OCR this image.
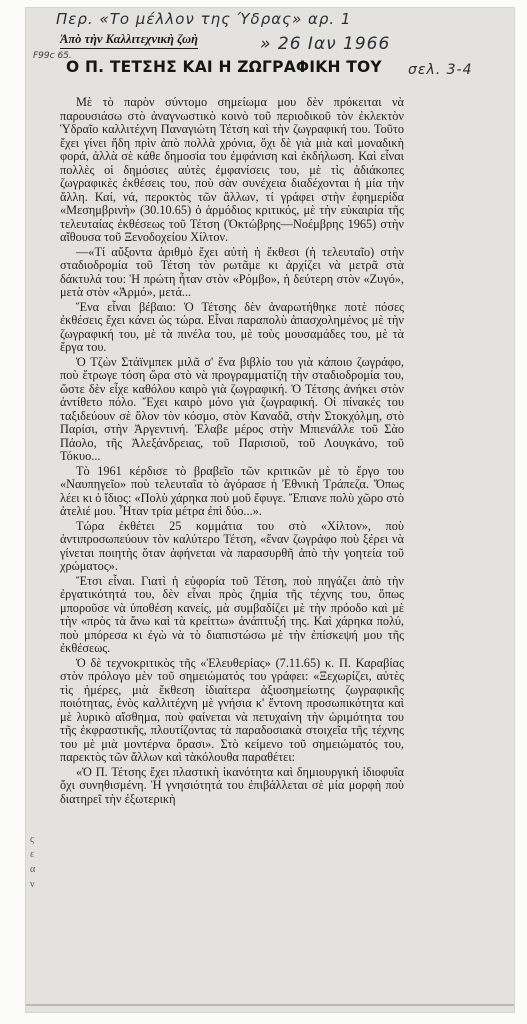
Περ. «Το μέλλον της Ύδρας» αρ. 1
» 26 Ιαν 1966
σελ. 3-4
F99c 65.
Ἀπὸ τὴν Καλλιτεχνικὴ ζωὴ
Ο Π. ΤΕΤΣΗΣ ΚΑΙ Η ΖΩΓΡΑΦΙΚΗ ΤΟΥ

Μὲ τὸ παρὸν σύντομο σημείωμα μου δὲν πρόκειται νὰ παρουσιάσω στὸ ἀναγνωστικὸ κοινὸ τοῦ περιοδικοῦ τὸν ἐκλεκτὸν Ὑδραῖο καλλιτέχνη Παναγιώτη Τέτση καὶ τὴν ζωγραφική του. Τοῦτο ἔχει γίνει ἤδη πρὶν ἀπὸ πολλὰ χρόνια, ὄχι δὲ γιὰ μιὰ καὶ μοναδικὴ φορά, ἀλλὰ σὲ κάθε δημοσία του ἐμφάνιση καὶ ἐκδήλωση. Καὶ εἶναι πολλὲς οἱ δημόσιες αὐτὲς ἐμφανίσεις του, μὲ τὶς ἀδιάκοπες ζωγραφικὲς ἐκθέσεις του, ποὺ σὰν συνέχεια διαδέχονται ἡ μία τὴν ἄλλη. Καί, νά, περοκτὸς τῶν ἄλλων, τί γράφει στὴν ἐφημερίδα «Μεσημβρινὴ» (30.10.65) ὁ ἁρμόδιος κριτικός, μὲ τὴν εὐκαιρία τῆς τελευταίας ἐκθέσεως τοῦ Τέτση (Ὀκτώβρης—Νοέμβρης 1965) στὴν αἴθουσα τοῦ Ξενοδοχείου Χίλτον.

—«Τί αὔξοντα ἀριθμὸ ἔχει αὐτὴ ἡ ἔκθεσι (ἡ τελευταῖο) στὴν σταδιοδρομία τοῦ Τέτση τὸν ρωτᾶμε κι ἀρχίζει νὰ μετρᾶ στὰ δάκτυλά του: Ἡ πρώτη ἦταν στὸν «Ρόμβο», ἡ δεύτερη στὸν «Ζυγό», μετὰ στὸν «Ἀρμό», μετά...

Ἕνα εἶναι βέβαιο: Ὁ Τέτσης δὲν ἀναρωτήθηκε ποτὲ πόσες ἐκθέσεις ἔχει κάνει ὡς τώρα. Εἶναι παραπολὺ ἀπασχολημένος μὲ τὴν ζωγραφική του, μὲ τὰ πινέλα του, μὲ τοὺς μουσαμάδες του, μὲ τὰ ἔργα του.

Ὁ Τζὼν Στάϊνμπεκ μιλᾶ σ' ἕνα βιβλίο του γιὰ κάποιο ζωγράφο, ποὺ ἔτρωγε τόση ὥρα στὸ νὰ προγραμματίζη τὴν σταδιοδρομία του, ὥστε δὲν εἶχε καθόλου καιρὸ γιὰ ζωγραφική. Ὁ Τέτσης ἀνήκει στὸν ἀντίθετο πόλο. Ἔχει καιρὸ μόνο γιὰ ζωγραφική. Οἱ πίνακές του ταξιδεύουν σὲ ὅλον τὸν κόσμο, στὸν Καναδᾶ, στὴν Στοκχόλμη, στὸ Παρίσι, στὴν Ἀργεντινή. Ἐλαβε μέρος στὴν Μπιενάλλε τοῦ Σὰο Πάολο, τῆς Ἀλεξάνδρειας, τοῦ Παρισιοῦ, τοῦ Λουγκάνο, τοῦ Τόκυο...

Τὸ 1961 κέρδισε τὸ βραβεῖο τῶν κριτικῶν μὲ τὸ ἔργο του «Ναυπηγεῖο» ποὺ τελευταῖα τὸ ἀγόρασε ἡ Ἐθνικὴ Τράπεζα. Ὅπως λέει κι ὁ ἴδιος: «Πολὺ χάρηκα ποὺ μοῦ ἔφυγε. Ἔπιανε πολὺ χῶρο στὸ ἀτελιέ μου. Ἦταν τρία μέτρα ἐπὶ δύο...».

Τώρα ἐκθέτει 25 κομμάτια του στὸ «Χίλτον», ποὺ ἀντιπροσωπεύουν τὸν καλύτερο Τέτση, «ἕναν ζωγράφο ποὺ ξέρει νὰ γίνεται ποιητὴς ὅταν ἀφήνεται νὰ παρασυρθῆ ἀπὸ τὴν γοητεία τοῦ χρώματος».

Ἔτσι εἶναι. Γιατὶ ἡ εὐφορία τοῦ Τέτση, ποὺ πηγάζει ἀπὸ τὴν ἐργατικότητά του, δὲν εἶναι πρὸς ζημία τῆς τέχνης του, ὅπως μποροῦσε νὰ ὑποθέση κανείς, μὰ συμβαδίζει μὲ τὴν πρόοδο καὶ μὲ τὴν «πρὸς τὰ ἄνω καὶ τὰ κρείττω» ἀνάπτυξή της. Καὶ χάρηκα πολύ, ποὺ μπόρεσα κι ἐγὼ νὰ τὸ διαπιστώσω μὲ τὴν ἐπίσκεψή μου τῆς ἐκθέσεως.

Ὁ δὲ τεχνοκριτικὸς τῆς «Ἐλευθερίας» (7.11.65) κ. Π. Καραβίας στὸν πρόλογο μὲν τοῦ σημειώματός του γράφει: «Ξεχωρίζει, αὐτὲς τὶς ἡμέρες, μιὰ ἔκθεση ἰδιαίτερα ἀξιοσημείωτης ζωγραφικῆς ποιότητας, ἑνὸς καλλιτέχνη μὲ γνήσια κ' ἔντονη προσωπικότητα καὶ μὲ λυρικὸ αἴσθημα, ποὺ φαίνεται νὰ πετυχαίνη τὴν ὡριμότητα του τῆς ἐκφραστικῆς, πλουτίζοντας τὰ παραδοσιακὰ στοιχεῖα τῆς τέχνης του μὲ μιὰ μοντέρνα ὅρασι». Στὸ κείμενο τοῦ σημειώματός του, παρεκτὸς τῶν ἄλλων καὶ τὰκόλουθα παραθέτει:

«Ὁ Π. Τέτσης ἔχει πλαστικὴ ἱκανότητα καὶ δημιουργικὴ ἰδιοφυΐα ὄχι συνηθισμένη. Ἡ γνησιότητά του ἐπιβάλλεται σὲ μία μορφὴ ποὺ διατηρεῖ τὴν ἐξωτερικὴ

ς
ε
α
ν
